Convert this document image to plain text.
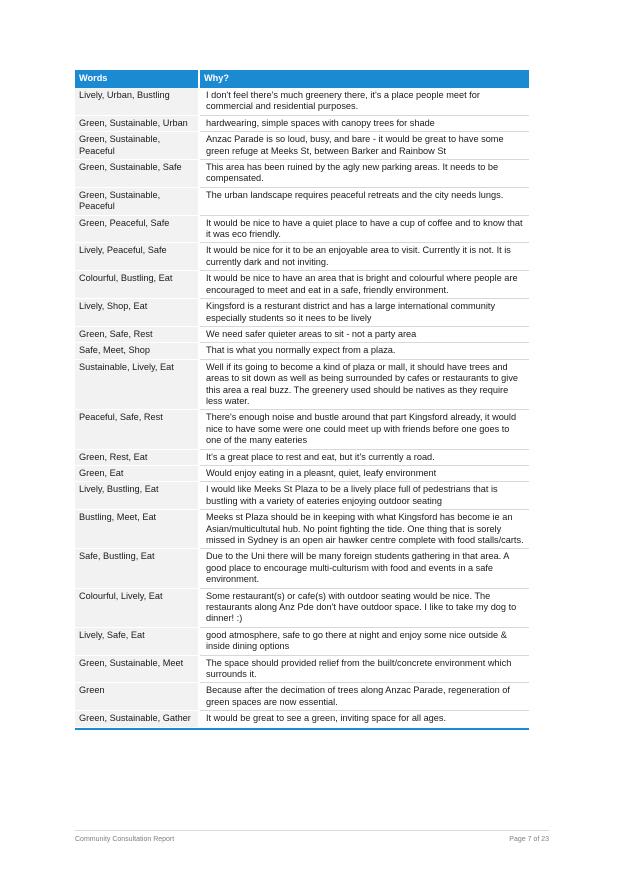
Words	Why?
Lively, Urban, Bustling	I don't feel there's much greenery there, it's a place people meet for commercial and residential purposes.
Green, Sustainable, Urban	hardwearing, simple spaces with canopy trees for shade
Green, Sustainable, Peaceful	Anzac Parade is so loud, busy, and bare - it would be great to have some green refuge at Meeks St, between Barker and Rainbow St
Green, Sustainable, Safe	This area has been ruined by the agly new parking areas. It needs to be compensated.
Green, Sustainable, Peaceful	The urban landscape requires peaceful retreats and the city needs lungs.
Green, Peaceful, Safe	It would be nice to have a quiet place to have a cup of coffee and to know that it was eco friendly.
Lively, Peaceful, Safe	It would be nice for it to be an enjoyable area to visit. Currently it is not. It is currently dark and not inviting.
Colourful, Bustling, Eat	It would be nice to have an area that is bright and colourful where people are encouraged to meet and eat in a safe, friendly environment.
Lively, Shop, Eat	Kingsford is a resturant district and has a large international community especially students so it nees to be lively
Green, Safe, Rest	We need safer quieter areas to sit - not a party area
Safe, Meet, Shop	That is what you normally expect from a plaza.
Sustainable, Lively, Eat	Well if its going to become a kind of plaza or mall, it should have trees and areas to sit down as well as being surrounded by cafes or restaurants to give this area a real buzz. The greenery used should be natives as they require less water.
Peaceful, Safe, Rest	There's enough noise and bustle around that part Kingsford already, it would nice to have some were one could meet up with friends before one goes to one of the many eateries
Green, Rest, Eat	It's a great place to rest and eat, but it's currently a road.
Green, Eat	Would enjoy eating in a pleasnt, quiet, leafy environment
Lively, Bustling, Eat	I would like Meeks St Plaza to be a lively place full of pedestrians that is bustling with a variety of eateries enjoying outdoor seating
Bustling, Meet, Eat	Meeks st Plaza should be in keeping with what Kingsford has become ie an Asian/multicultutal hub. No point fighting the tide. One thing that is sorely missed in Sydney is an open air hawker centre complete with food stalls/carts.
Safe, Bustling, Eat	Due to the Uni there will be many foreign students gathering in that area. A good place to encourage multi-culturism with food and events in a safe environment.
Colourful, Lively, Eat	Some restaurant(s) or cafe(s) with outdoor seating would be nice. The restaurants along Anz Pde don't have outdoor space. I like to take my dog to dinner! :)
Lively, Safe, Eat	good atmosphere, safe to go there at night and enjoy some nice outside & inside dining options
Green, Sustainable, Meet	The space should provided relief from the built/concrete environment which surrounds it.
Green	Because after the decimation of trees along Anzac Parade, regeneration of green spaces are now essential.
Green, Sustainable, Gather	It would be great to see a green, inviting space for all ages.
Community Consultation Report	Page 7 of 23
